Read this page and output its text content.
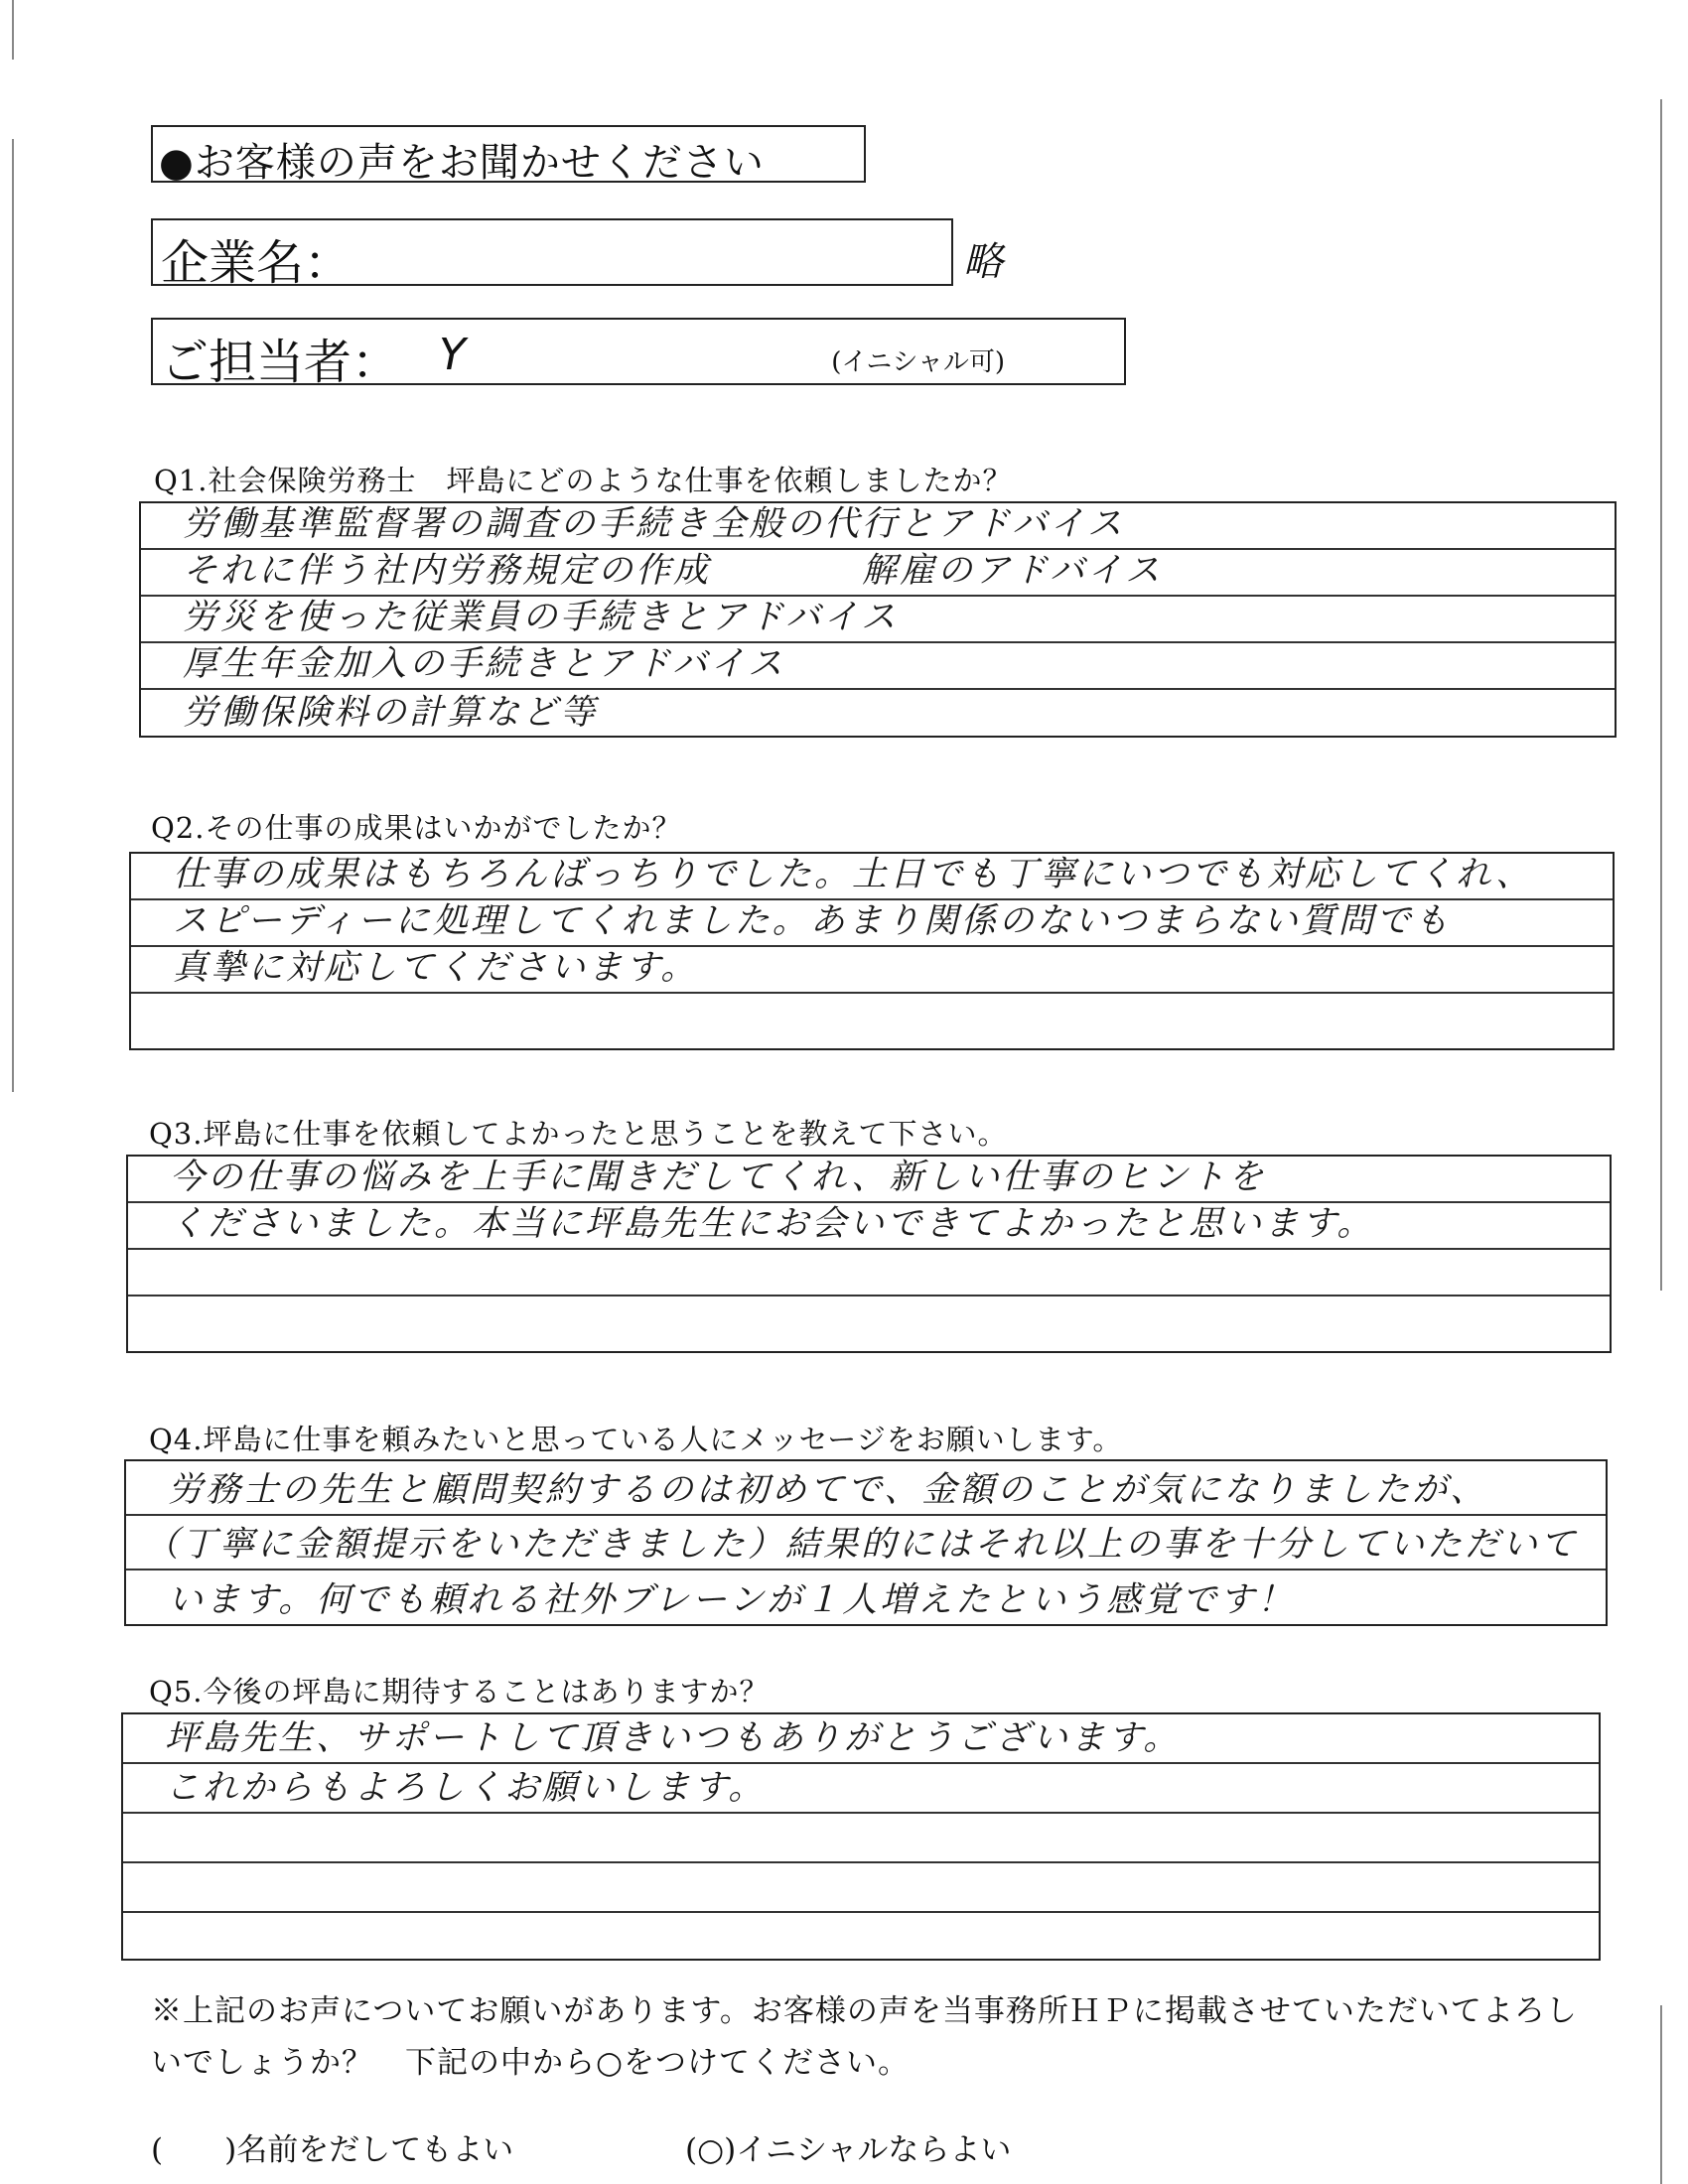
●お客様の声をお聞かせください
企業名：	略
ご担当者： Y	(イニシャル可)
Q1.社会保険労務士　坪島にどのような仕事を依頼しましたか？
労働基準監督署の調査の手続き全般の代行とアドバイス
それに伴う社内労務規定の作成　　　　解雇のアドバイス
労災を使った従業員の手続きとアドバイス
厚生年金加入の手続きとアドバイス
労働保険料の計算など等
Q2.その仕事の成果はいかがでしたか？
仕事の成果はもちろんばっちりでした。土日でも丁寧にいつでも対応してくれ、
スピーディーに処理してくれました。あまり関係のないつまらない質問でも
真摯に対応してくださいます。
Q3.坪島に仕事を依頼してよかったと思うことを教えて下さい。
今の仕事の悩みを上手に聞きだしてくれ、新しい仕事のヒントを
くださいました。本当に坪島先生にお会いできてよかったと思います。
Q4.坪島に仕事を頼みたいと思っている人にメッセージをお願いします。
労務士の先生と顧問契約するのは初めてで、金額のことが気になりましたが、
（丁寧に金額提示をいただきました）結果的にはそれ以上の事を十分していただいて
います。何でも頼れる社外ブレーンが１人増えたという感覚です！
Q5.今後の坪島に期待することはありますか？
坪島先生、サポートして頂きいつもありがとうございます。
これからもよろしくお願いします。
※上記のお声についてお願いがあります。お客様の声を当事務所ＨＰに掲載させていただいてよろしいでしょうか？　下記の中から○をつけてください。
(　　)名前をだしてもよい	(○)イニシャルならよい
